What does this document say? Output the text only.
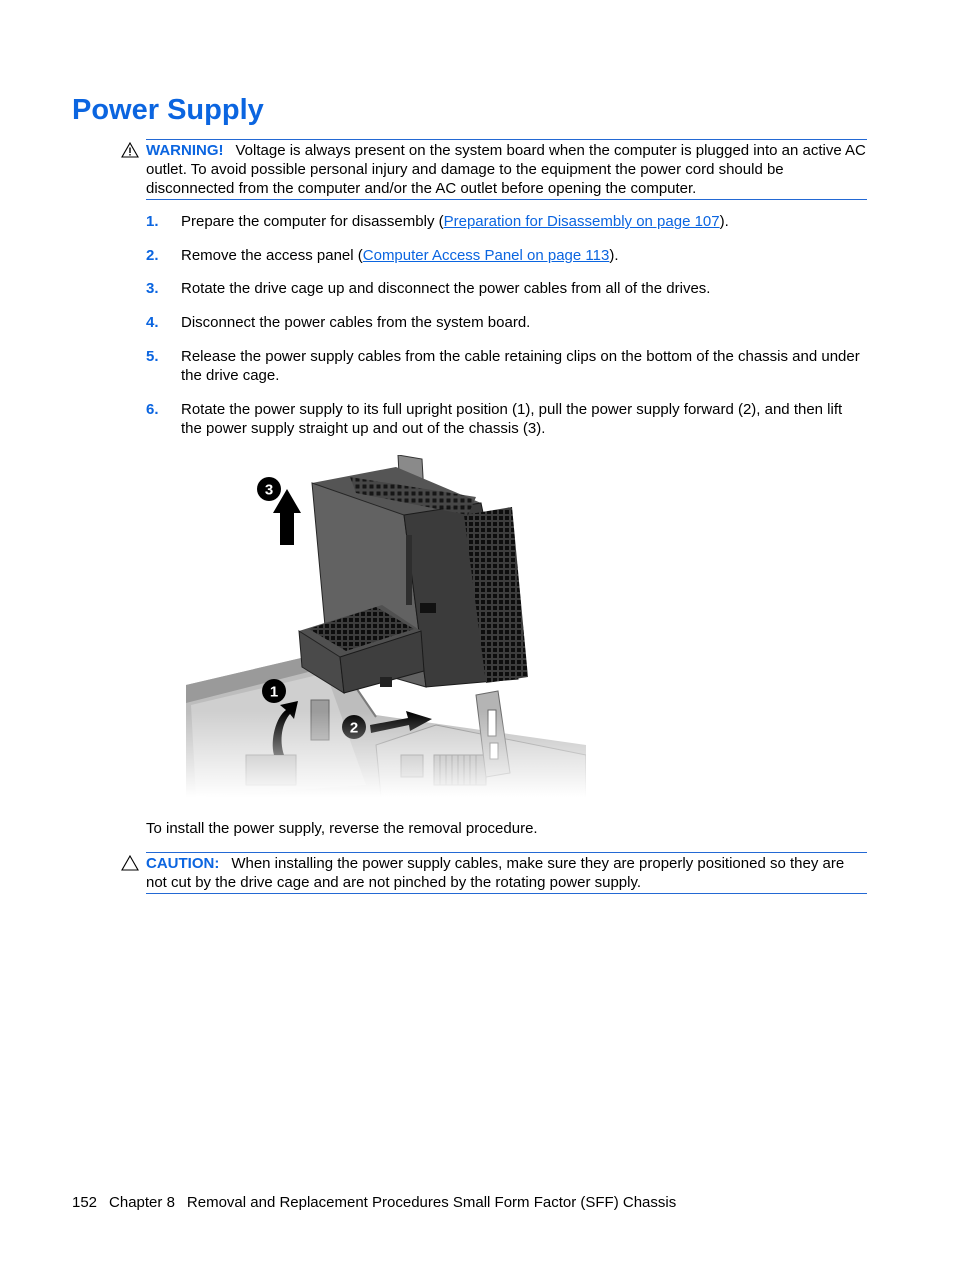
Power Supply
WARNING! Voltage is always present on the system board when the computer is plugged into an active AC outlet. To avoid possible personal injury and damage to the equipment the power cord should be disconnected from the computer and/or the AC outlet before opening the computer.
1. Prepare the computer for disassembly (Preparation for Disassembly on page 107).
2. Remove the access panel (Computer Access Panel on page 113).
3. Rotate the drive cage up and disconnect the power cables from all of the drives.
4. Disconnect the power cables from the system board.
5. Release the power supply cables from the cable retaining clips on the bottom of the chassis and under the drive cage.
6. Rotate the power supply to its full upright position (1), pull the power supply forward (2), and then lift the power supply straight up and out of the chassis (3).

To install the power supply, reverse the removal procedure.

CAUTION: When installing the power supply cables, make sure they are properly positioned so they are not cut by the drive cage and are not pinched by the rotating power supply.

152 Chapter 8 Removal and Replacement Procedures Small Form Factor (SFF) Chassis
